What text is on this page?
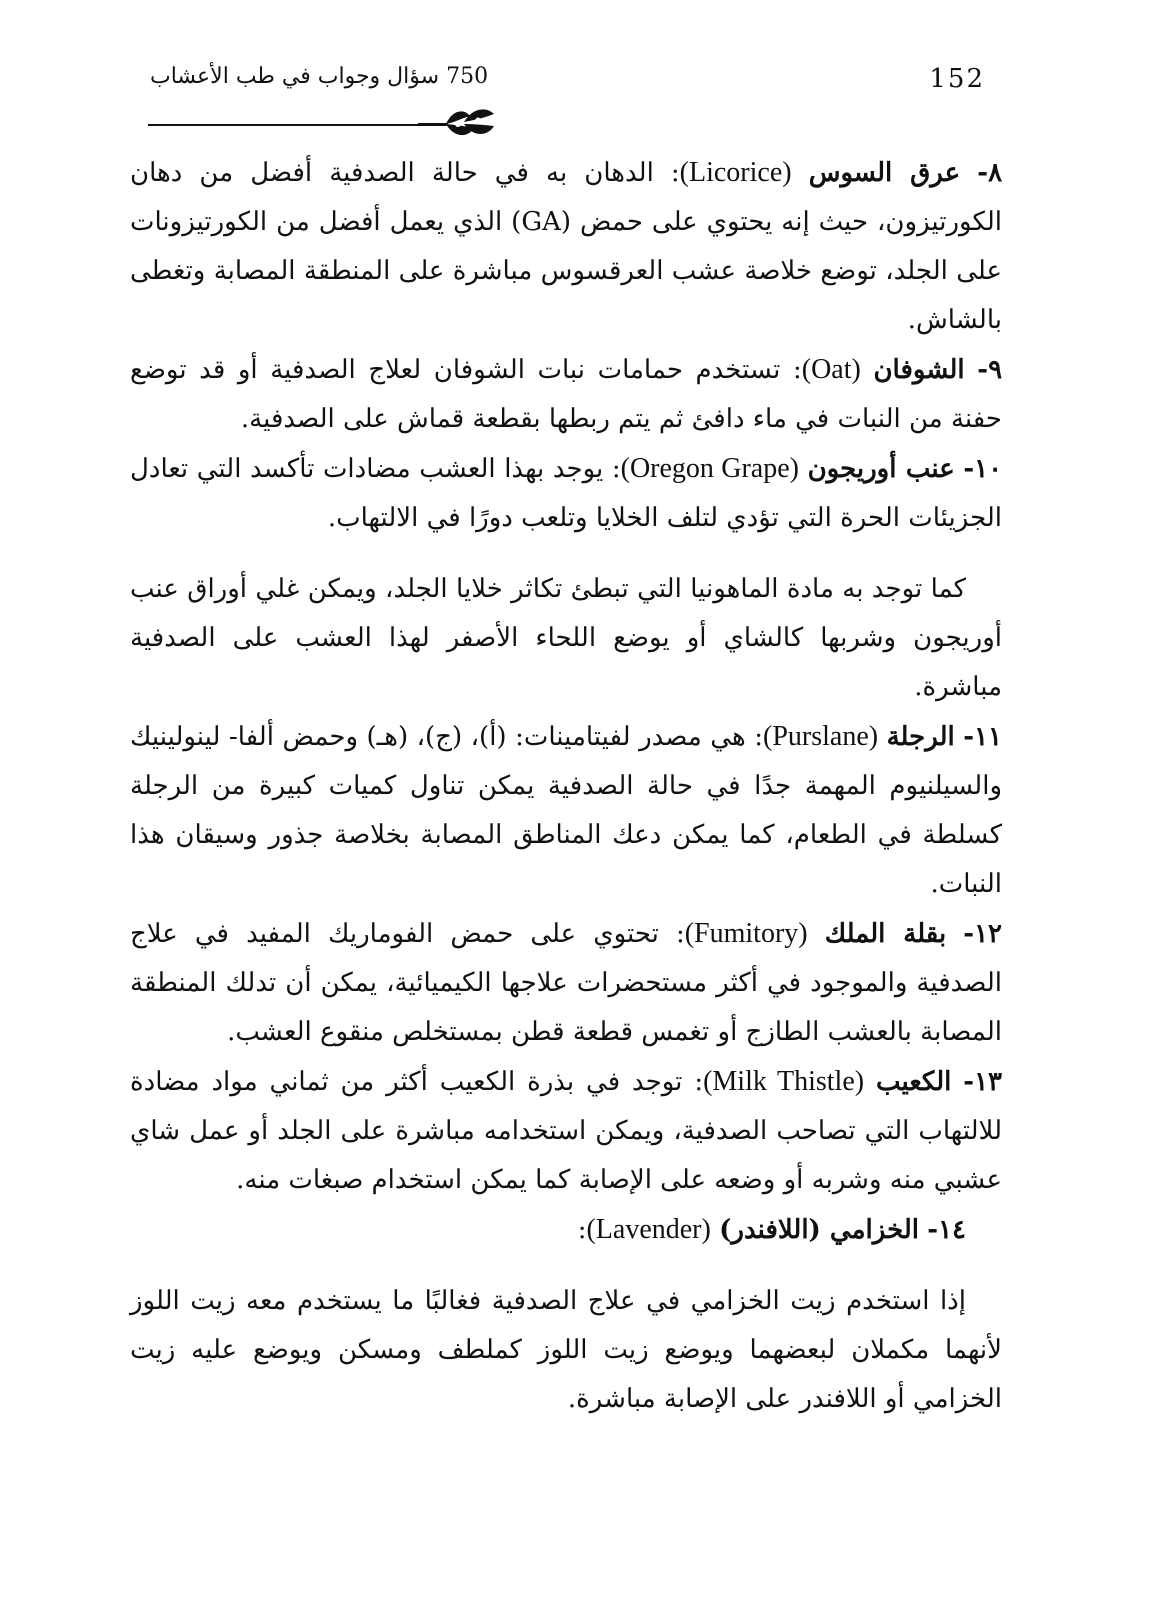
152
750 سؤال وجواب في طب الأعشاب

٨- عرق السوس (Licorice): الدهان به في حالة الصدفية أفضل من دهان الكورتيزون، حيث إنه يحتوي على حمض (GA) الذي يعمل أفضل من الكورتيزونات على الجلد، توضع خلاصة عشب العرقسوس مباشرة على المنطقة المصابة وتغطى بالشاش.

٩- الشوفان (Oat): تستخدم حمامات نبات الشوفان لعلاج الصدفية أو قد توضع حفنة من النبات في ماء دافئ ثم يتم ربطها بقطعة قماش على الصدفية.

١٠- عنب أوريجون (Oregon Grape): يوجد بهذا العشب مضادات تأكسد التي تعادل الجزيئات الحرة التي تؤدي لتلف الخلايا وتلعب دورًا في الالتهاب.

كما توجد به مادة الماهونيا التي تبطئ تكاثر خلايا الجلد، ويمكن غلي أوراق عنب أوريجون وشربها كالشاي أو يوضع اللحاء الأصفر لهذا العشب على الصدفية مباشرة.

١١- الرجلة (Purslane): هي مصدر لفيتامينات: (أ)، (ج)، (هـ) وحمض ألفا- لينولينيك والسيلنيوم المهمة جدًا في حالة الصدفية يمكن تناول كميات كبيرة من الرجلة كسلطة في الطعام، كما يمكن دعك المناطق المصابة بخلاصة جذور وسيقان هذا النبات.

١٢- بقلة الملك (Fumitory): تحتوي على حمض الفوماريك المفيد في علاج الصدفية والموجود في أكثر مستحضرات علاجها الكيميائية، يمكن أن تدلك المنطقة المصابة بالعشب الطازج أو تغمس قطعة قطن بمستخلص منقوع العشب.

١٣- الكعيب (Milk Thistle): توجد في بذرة الكعيب أكثر من ثماني مواد مضادة للالتهاب التي تصاحب الصدفية، ويمكن استخدامه مباشرة على الجلد أو عمل شاي عشبي منه وشربه أو وضعه على الإصابة كما يمكن استخدام صبغات منه.

١٤- الخزامي (اللافندر) (Lavender):

إذا استخدم زيت الخزامي في علاج الصدفية فغالبًا ما يستخدم معه زيت اللوز لأنهما مكملان لبعضهما ويوضع زيت اللوز كملطف ومسكن ويوضع عليه زيت الخزامي أو اللافندر على الإصابة مباشرة.
